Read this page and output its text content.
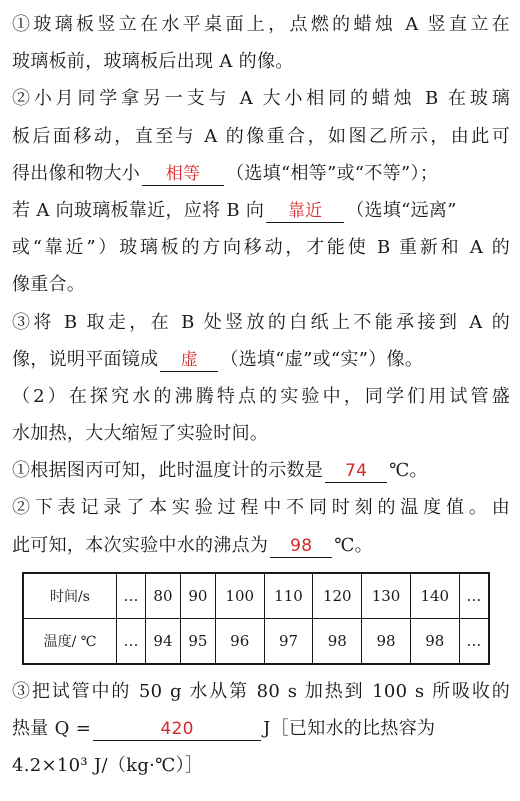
①玻璃板竖立在水平桌面上，点燃的蜡烛 A 竖直立在
玻璃板前，玻璃板后出现 A 的像。
②小月同学拿另一支与 A 大小相同的蜡烛 B 在玻璃
板后面移动，直至与 A 的像重合，如图乙所示，由此可
得出像和物大小 相等 （选填“相等”或“不等”）；
若 A 向玻璃板靠近，应将 B 向 靠近 （选填“远离”
或“靠近”）玻璃板的方向移动，才能使 B 重新和 A 的
像重合。
③将 B 取走，在 B 处竖放的白纸上不能承接到 A 的
像，说明平面镜成 虚 （选填“虚”或“实”）像。
（2）在探究水的沸腾特点的实验中，同学们用试管盛
水加热，大大缩短了实验时间。
①根据图丙可知，此时温度计的示数是 74 ℃。
②下表记录了本实验过程中不同时刻的温度值。由
此可知，本次实验中水的沸点为 98 ℃。
时间/s	…	80	90	100	110	120	130	140	…
温度/ ℃	…	94	95	96	97	98	98	98	…
③把试管中的 50 g 水从第 80 s 加热到 100 s 所吸收的
热量 Q =	420	J［已知水的比热容为
4.2×10³ J/（kg·℃）］
